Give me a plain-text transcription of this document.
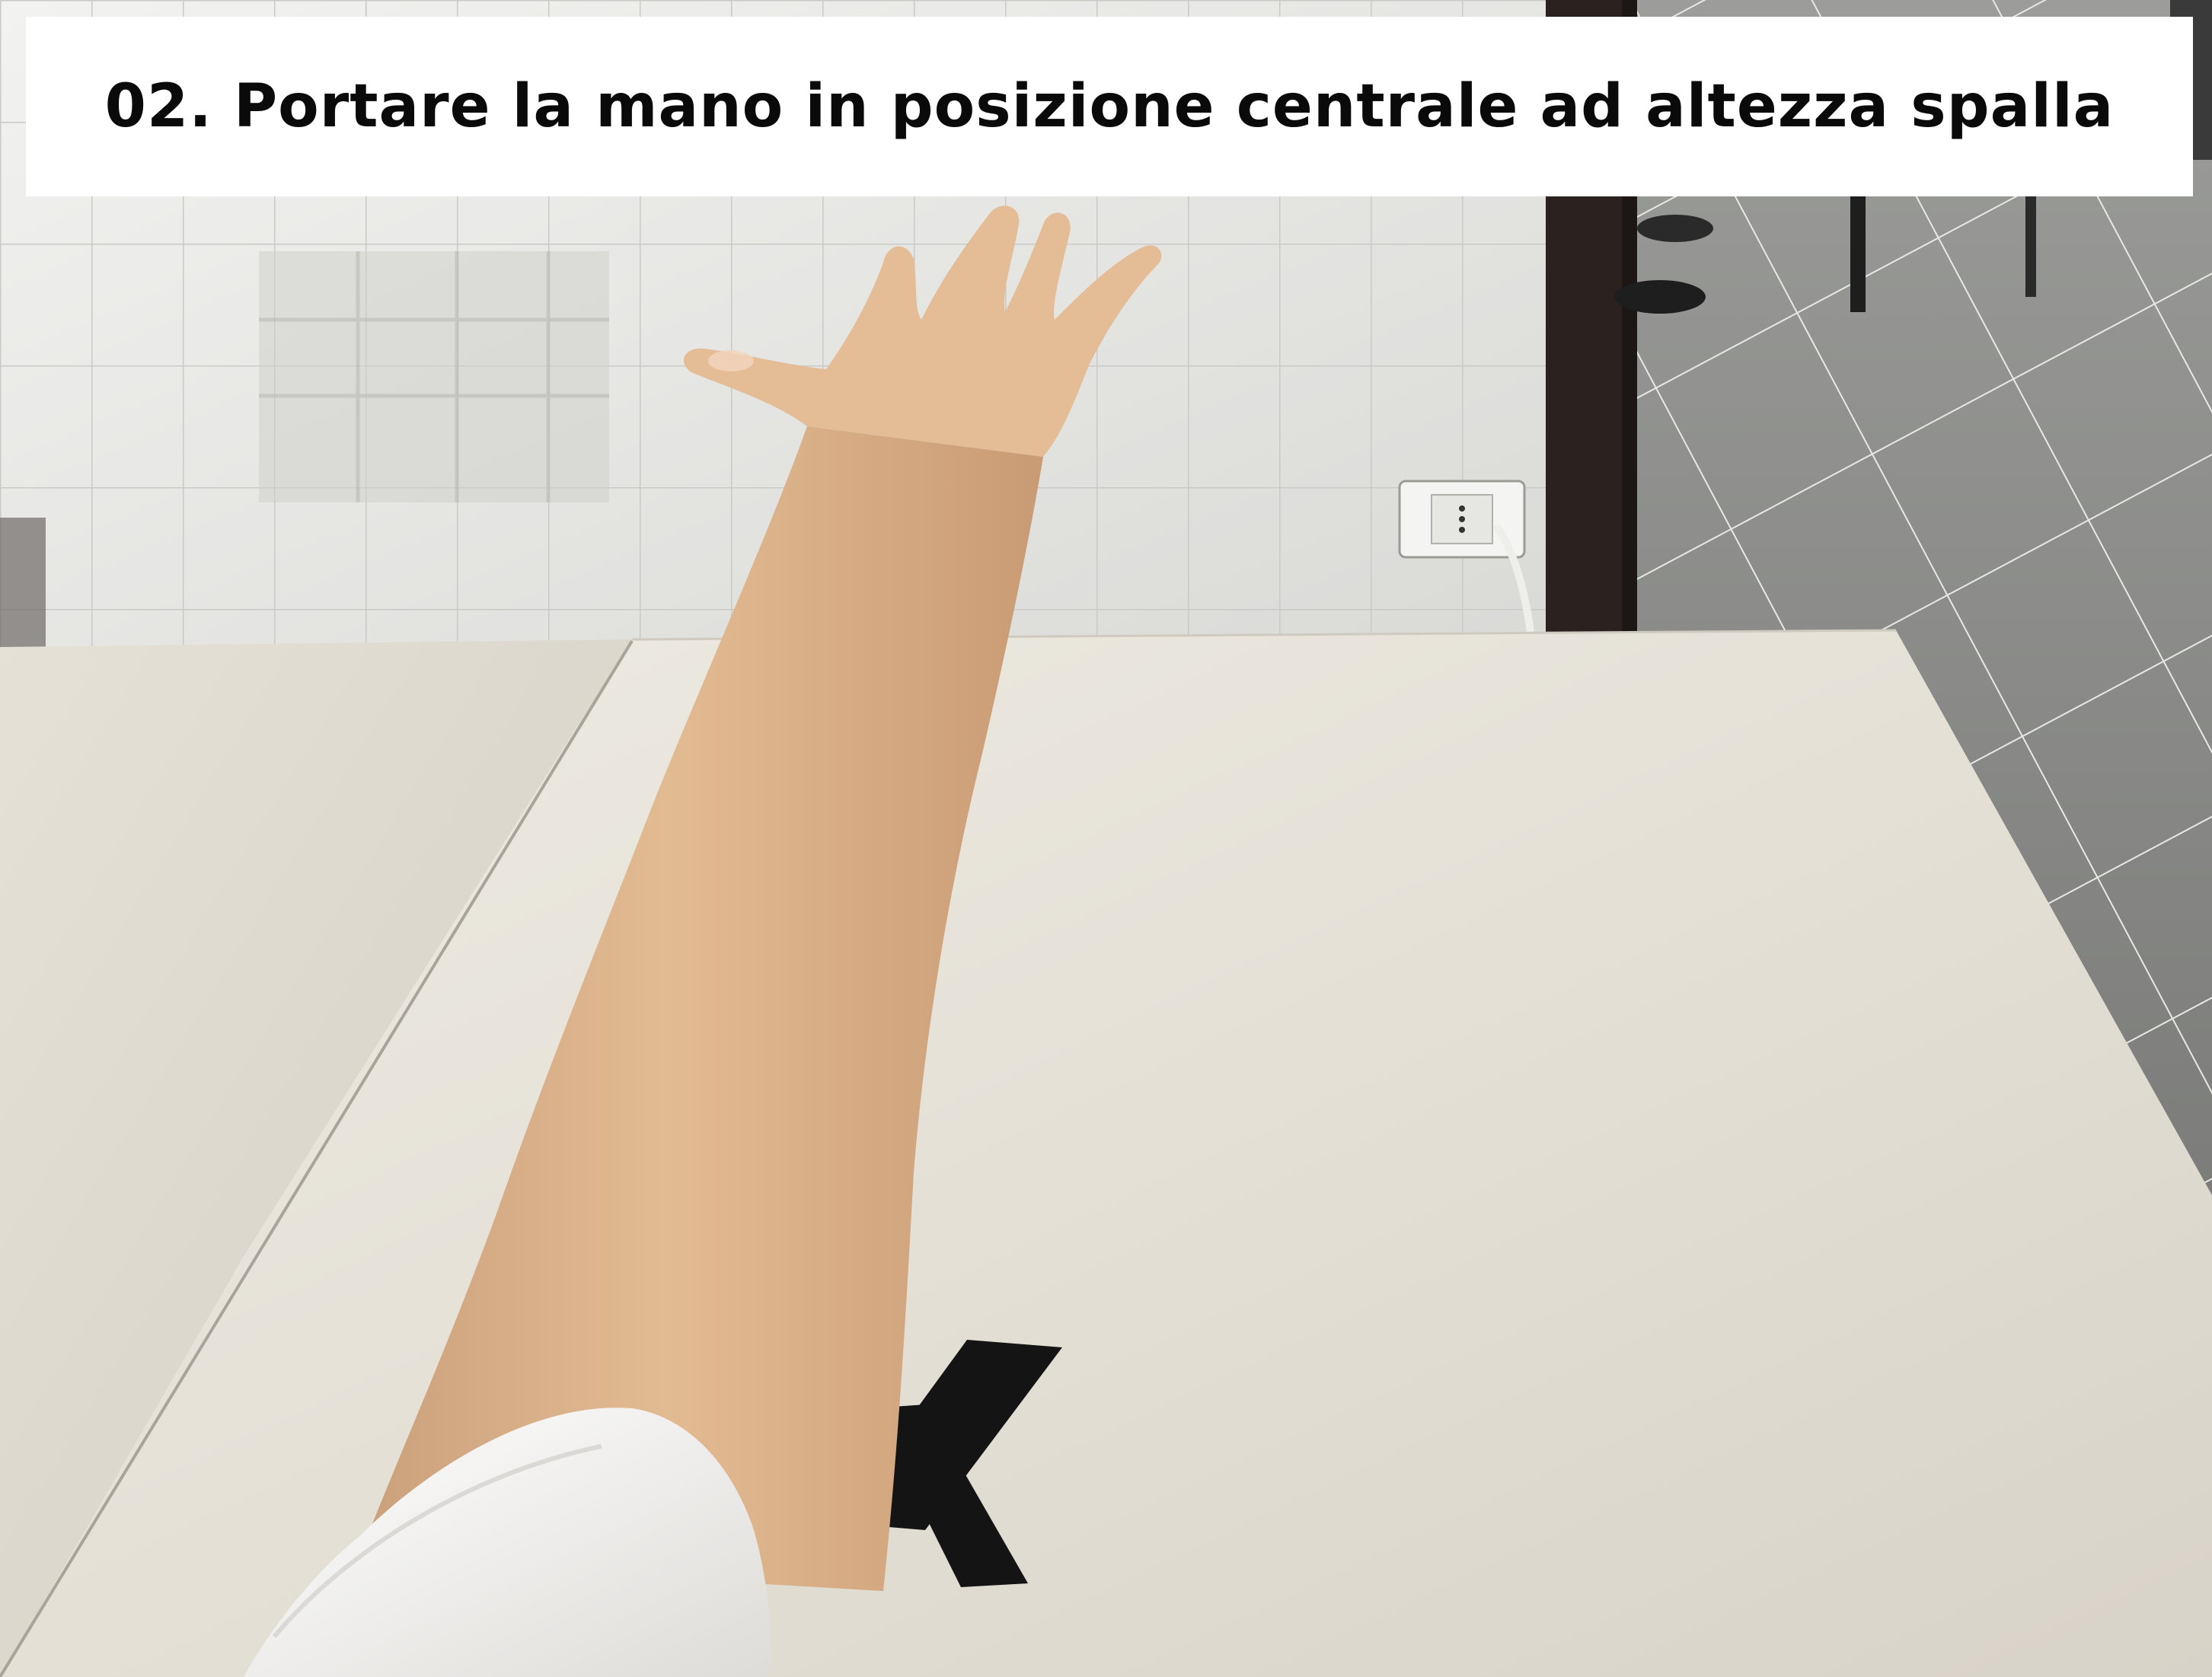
02. Portare la mano in posizione centrale ad altezza spalla
